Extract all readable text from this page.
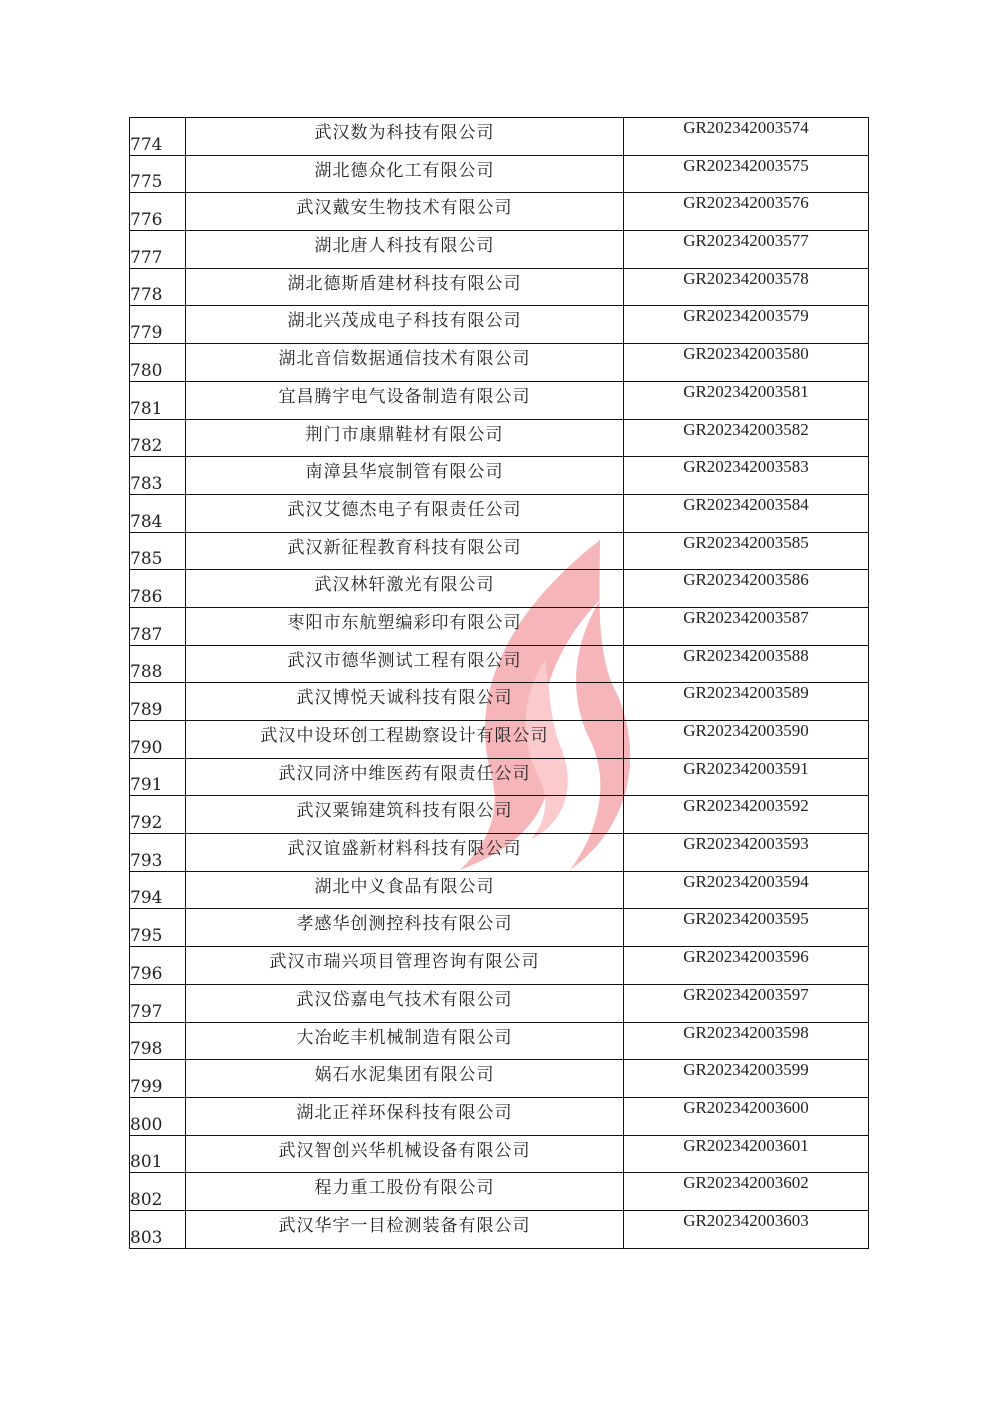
774	武汉数为科技有限公司	GR202342003574
775	湖北德众化工有限公司	GR202342003575
776	武汉戴安生物技术有限公司	GR202342003576
777	湖北唐人科技有限公司	GR202342003577
778	湖北德斯盾建材科技有限公司	GR202342003578
779	湖北兴茂成电子科技有限公司	GR202342003579
780	湖北音信数据通信技术有限公司	GR202342003580
781	宜昌腾宇电气设备制造有限公司	GR202342003581
782	荆门市康鼎鞋材有限公司	GR202342003582
783	南漳县华宸制管有限公司	GR202342003583
784	武汉艾德杰电子有限责任公司	GR202342003584
785	武汉新征程教育科技有限公司	GR202342003585
786	武汉林轩激光有限公司	GR202342003586
787	枣阳市东航塑编彩印有限公司	GR202342003587
788	武汉市德华测试工程有限公司	GR202342003588
789	武汉博悦天诚科技有限公司	GR202342003589
790	武汉中设环创工程勘察设计有限公司	GR202342003590
791	武汉同济中维医药有限责任公司	GR202342003591
792	武汉粟锦建筑科技有限公司	GR202342003592
793	武汉谊盛新材料科技有限公司	GR202342003593
794	湖北中义食品有限公司	GR202342003594
795	孝感华创测控科技有限公司	GR202342003595
796	武汉市瑞兴项目管理咨询有限公司	GR202342003596
797	武汉岱嘉电气技术有限公司	GR202342003597
798	大冶屹丰机械制造有限公司	GR202342003598
799	娲石水泥集团有限公司	GR202342003599
800	湖北正祥环保科技有限公司	GR202342003600
801	武汉智创兴华机械设备有限公司	GR202342003601
802	程力重工股份有限公司	GR202342003602
803	武汉华宇一目检测装备有限公司	GR202342003603
